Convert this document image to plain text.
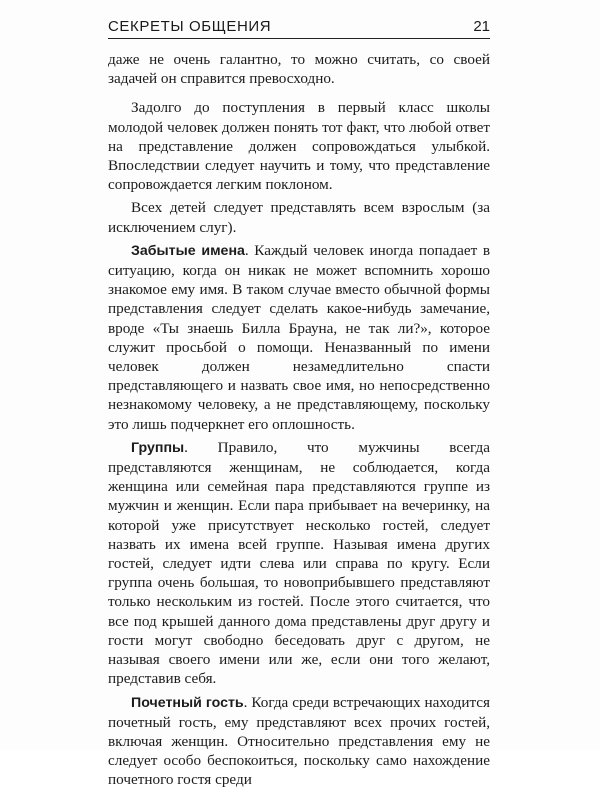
СЕКРЕТЫ ОБЩЕНИЯ	21

даже не очень галантно, то можно считать, со своей задачей он справится превосходно.

Задолго до поступления в первый класс школы молодой человек должен понять тот факт, что любой ответ на представление должен сопровождаться улыбкой. Впоследствии следует научить и тому, что представление сопровождается легким поклоном.

Всех детей следует представлять всем взрослым (за исключением слуг).

Забытые имена. Каждый человек иногда попадает в ситуацию, когда он никак не может вспомнить хорошо знакомое ему имя. В таком случае вместо обычной формы представления следует сделать какое-нибудь замечание, вроде «Ты знаешь Билла Брауна, не так ли?», которое служит просьбой о помощи. Неназванный по имени человек должен незамедлительно спасти представляющего и назвать свое имя, но непосредственно незнакомому человеку, а не представляющему, поскольку это лишь подчеркнет его оплошность.

Группы. Правило, что мужчины всегда представляются женщинам, не соблюдается, когда женщина или семейная пара представляются группе из мужчин и женщин. Если пара прибывает на вечеринку, на которой уже присутствует несколько гостей, следует назвать их имена всей группе. Называя имена других гостей, следует идти слева или справа по кругу. Если группа очень большая, то новоприбывшего представляют только нескольким из гостей. После этого считается, что все под крышей данного дома представлены друг другу и гости могут свободно беседовать друг с другом, не называя своего имени или же, если они того желают, представив себя.

Почетный гость. Когда среди встречающих находится почетный гость, ему представляют всех прочих гостей, включая женщин. Относительно представления ему не следует особо беспокоиться, поскольку само нахождение почетного гостя среди
